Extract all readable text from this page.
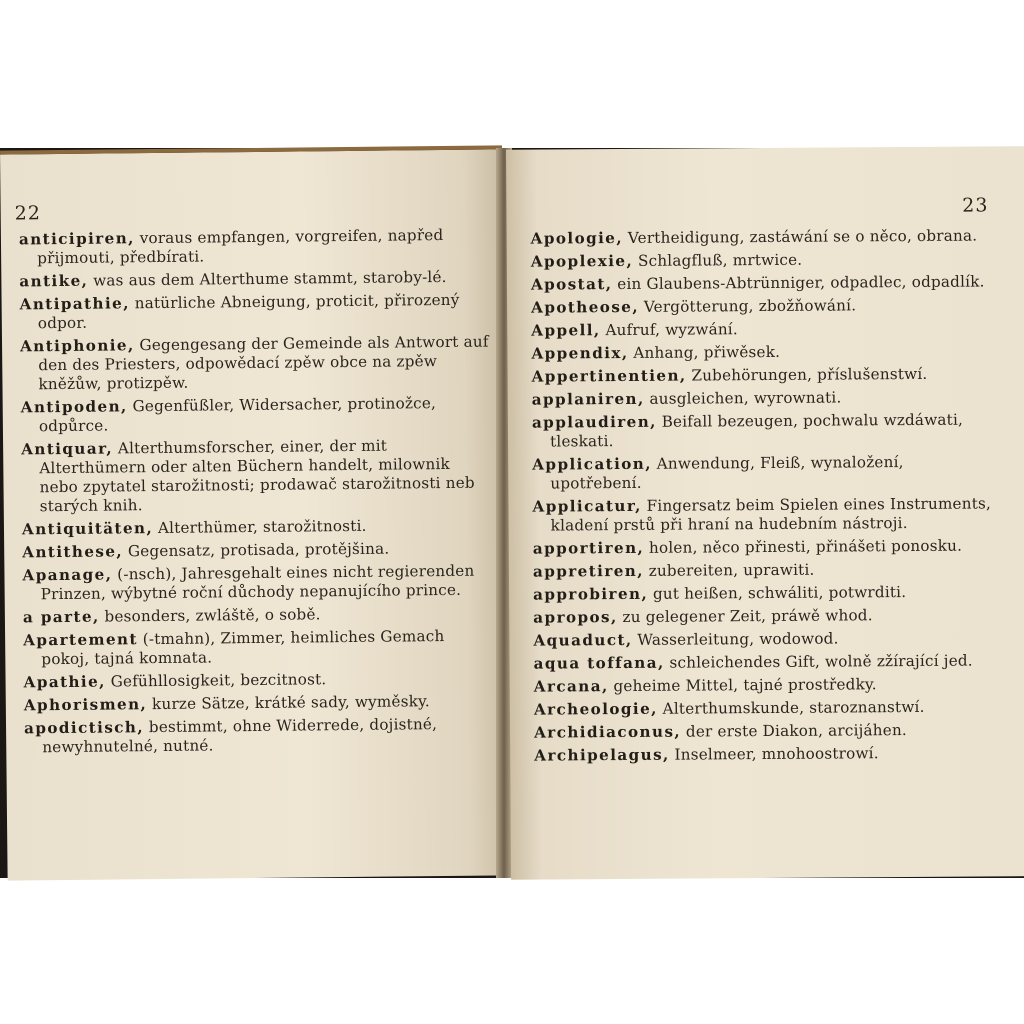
22
anticipiren, voraus empfangen, vorgreifen, napřed přijmouti, předbírati.
antike, was aus dem Alterthume stammt, staroby-lé.
Antipathie, natürliche Abneigung, proticit, přirozený odpor.
Antiphonie, Gegengesang der Gemeinde als Antwort auf den des Priesters, odpowědací zpěw obce na zpěw kněžůw, protizpěw.
Antipoden, Gegenfüßler, Widersacher, protinožce, odpůrce.
Antiquar, Alterthumsforscher, einer, der mit Alterthümern oder alten Büchern handelt, milownik nebo zpytatel starožitnosti; prodawač starožitnosti neb starých knih.
Antiquitäten, Alterthümer, starožitnosti.
Antithese, Gegensatz, protisada, protějšina.
Apanage, (-nsch), Jahresgehalt eines nicht regierenden Prinzen, wýbytné roční důchody nepanujícího prince.
a parte, besonders, zwláště, o sobě.
Apartement (-tmahn), Zimmer, heimliches Gemach pokoj, tajná komnata.
Apathie, Gefühllosigkeit, bezcitnost.
Aphorismen, kurze Sätze, krátké sady, wyměsky.
apodictisch, bestimmt, ohne Widerrede, dojistné, newyhnutelné, nutné.
23
Apologie, Vertheidigung, zastáwání se o něco, obrana.
Apoplexie, Schlagfluß, mrtwice.
Apostat, ein Glaubens-Abtrünniger, odpadlec, odpadlík.
Apotheose, Vergötterung, zbožňowání.
Appell, Aufruf, wyzwání.
Appendix, Anhang, přiwěsek.
Appertinentien, Zubehörungen, příslušenstwí.
applaniren, ausgleichen, wyrownati.
applaudiren, Beifall bezeugen, pochwalu wzdáwati, tleskati.
Application, Anwendung, Fleiß, wynaložení, upotřebení.
Applicatur, Fingersatz beim Spielen eines Instruments, kladení prstů při hraní na hudebním nástroji.
apportiren, holen, něco přinesti, přinášeti ponosku.
appretiren, zubereiten, uprawiti.
approbiren, gut heißen, schwáliti, potwrditi.
apropos, zu gelegener Zeit, práwě whod.
Aquaduct, Wasserleitung, wodowod.
aqua toffana, schleichendes Gift, wolně zžírající jed.
Arcana, geheime Mittel, tajné prostředky.
Archeologie, Alterthumskunde, staroznanstwí.
Archidiaconus, der erste Diakon, arcijáhen.
Archipelagus, Inselmeer, mnohoostrowí.
